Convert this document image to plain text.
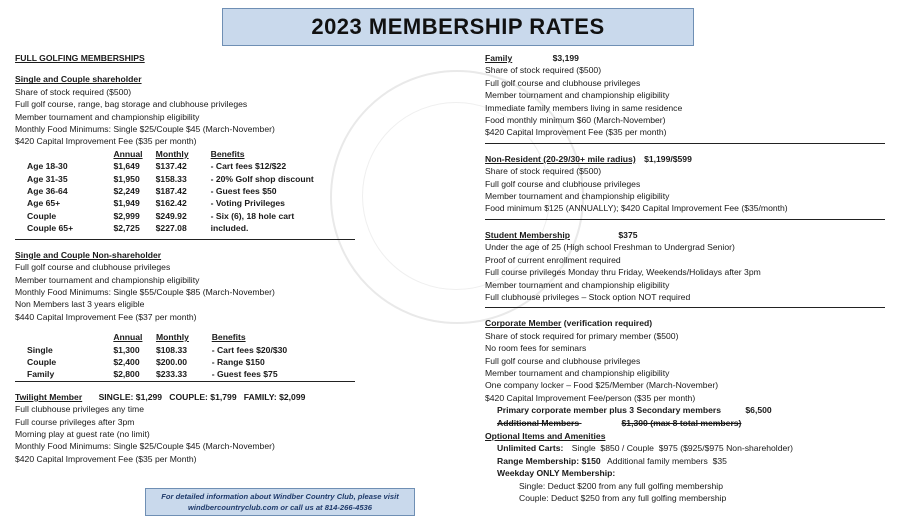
2023 MEMBERSHIP RATES
FULL GOLFING MEMBERSHIPS
Single and Couple shareholder
Share of stock required ($500)
Full golf course, range, bag storage and clubhouse privileges
Member tournament and championship eligibility
Monthly Food Minimums: Single $25/Couple $45 (March-November)
$420 Capital Improvement Fee ($35 per month)
	Annual	Monthly	Benefits
Age 18-30	$1,649	$137.42	- Cart fees $12/$22
Age 31-35	$1,950	$158.33	- 20% Golf shop discount
Age 36-64	$2,249	$187.42	- Guest fees $50
Age 65+	$1,949	$162.42	- Voting Privileges
Couple	$2,999	$249.92	- Six (6), 18 hole cart
Couple 65+	$2,725	$227.08	included.
Single and Couple Non-shareholder
Full golf course and clubhouse privileges
Member tournament and championship eligibility
Monthly Food Minimums: Single $55/Couple $85 (March-November)
Non Members last 3 years eligible
$440 Capital Improvement Fee ($37 per month)
	Annual	Monthly	Benefits
Single	$1,300	$108.33	- Cart fees $20/$30
Couple	$2,400	$200.00	- Range $150
Family	$2,800	$233.33	- Guest fees $75
Twilight Member SINGLE: $1,299   COUPLE: $1,799   FAMILY: $2,099
Full clubhouse privileges any time
Full course privileges after 3pm
Morning play at guest rate (no limit)
Monthly Food Minimums: Single $25/Couple $45 (March-November)
$420 Capital Improvement Fee ($35 per Month)
For detailed information about Windber Country Club, please visit
windbercountryclub.com or call us at 814-266-4536
Family	$3,199
Share of stock required ($500)
Full golf course and clubhouse privileges
Member tournament and championship eligibility
Immediate family members living in same residence
Food monthly minimum $60 (March-November)
$420 Capital Improvement Fee ($35 per month)
Non-Resident (20-29/30+ mile radius) $1,199/$599
Share of stock required ($500)
Full golf course and clubhouse privileges
Member tournament and championship eligibility
Food minimum $125 (ANNUALLY); $420 Capital Improvement Fee ($35/month)
Student Membership	$375
Under the age of 25 (High school Freshman to Undergrad Senior)
Proof of current enrollment required
Full course privileges Monday thru Friday, Weekends/Holidays after 3pm
Member tournament and championship eligibility
Full clubhouse privileges – Stock option NOT required
Corporate Member (verification required)
Share of stock required for primary member ($500)
No room fees for seminars
Full golf course and clubhouse privileges
Member tournament and championship eligibility
One company locker – Food $25/Member (March-November)
$420 Capital Improvement Fee/person ($35 per month)
Primary corporate member plus 3 Secondary members	$6,500
Additional Members	$1,300 (max 8 total members)
Optional Items and Amenities
Unlimited Carts: Single  $850 / Couple  $975 ($925/$975 Non-shareholder)
Range Membership: $150 Additional family members  $35
Weekday ONLY Membership:
Single: Deduct $200 from any full golfing membership
Couple: Deduct $250 from any full golfing membership
